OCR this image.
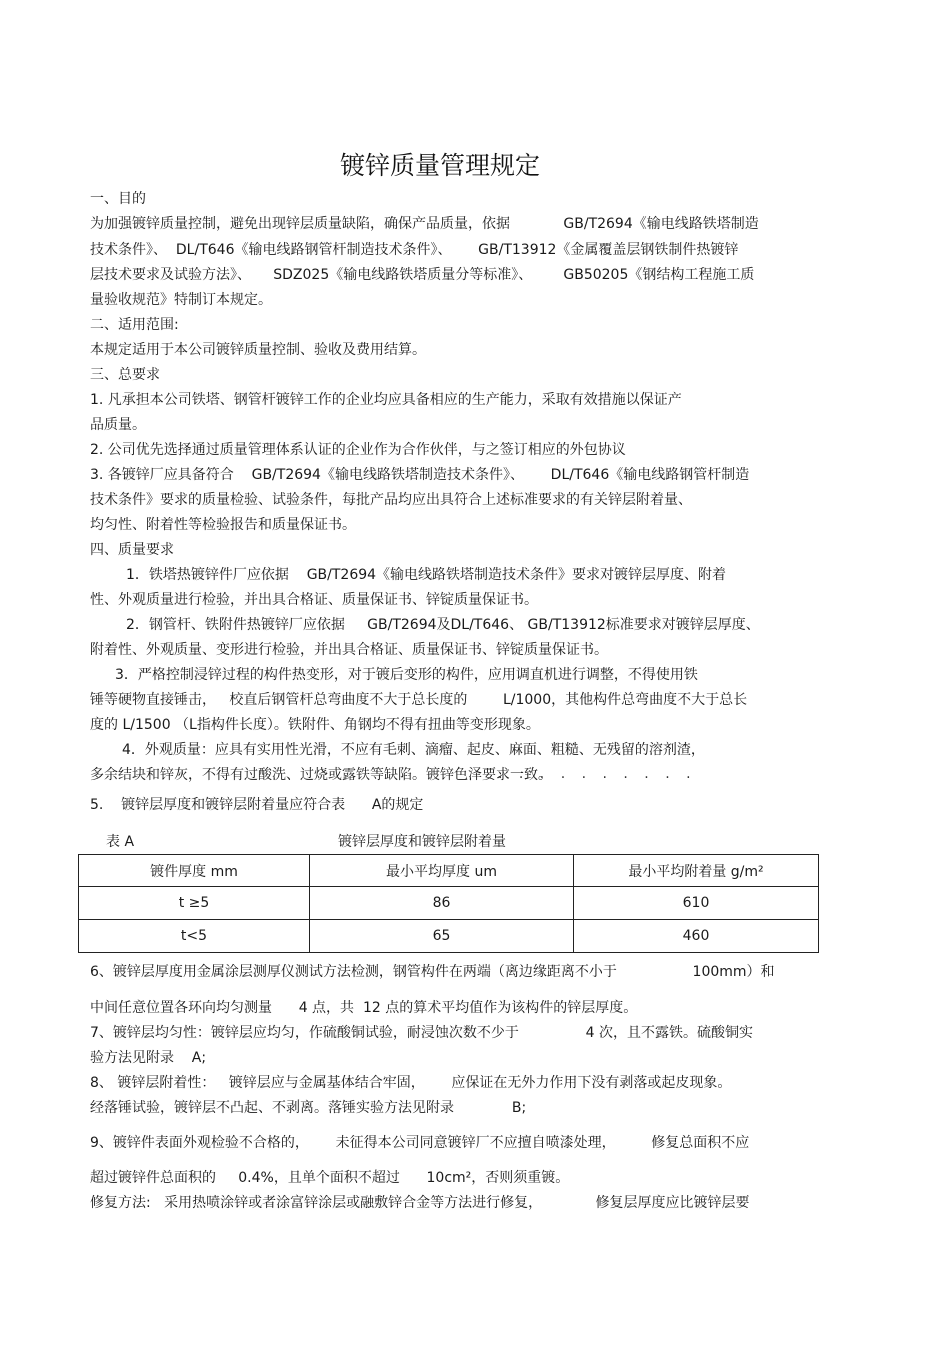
镀锌质量管理规定
一、目的
为加强镀锌质量控制，避免出现锌层质量缺陷，确保产品质量，依据            GB/T2694《输电线路铁塔制造
技术条件》、  DL/T646《输电线路钢管杆制造技术条件》、      GB/T13912《金属覆盖层钢铁制件热镀锌
层技术要求及试验方法》、     SDZ025《输电线路铁塔质量分等标准》、       GB50205《钢结构工程施工质
量验收规范》特制订本规定。
二、适用范围:
本规定适用于本公司镀锌质量控制、验收及费用结算。
三、总要求
1. 凡承担本公司铁塔、钢管杆镀锌工作的企业均应具备相应的生产能力，采取有效措施以保证产
品质量。
2. 公司优先选择通过质量管理体系认证的企业作为合作伙伴，与之签订相应的外包协议
3. 各镀锌厂应具备符合    GB/T2694《输电线路铁塔制造技术条件》、      DL/T646《输电线路钢管杆制造
技术条件》要求的质量检验、试验条件，每批产品均应出具符合上述标准要求的有关锌层附着量、
均匀性、附着性等检验报告和质量保证书。
四、质量要求
1．铁塔热镀锌件厂应依据    GB/T2694《输电线路铁塔制造技术条件》要求对镀锌层厚度、附着
性、外观质量进行检验，并出具合格证、质量保证书、锌锭质量保证书。
2．钢管杆、铁附件热镀锌厂应依据     GB/T2694及DL/T646、 GB/T13912标准要求对镀锌层厚度、
附着性、外观质量、变形进行检验，并出具合格证、质量保证书、锌锭质量保证书。
3．严格控制浸锌过程的构件热变形，对于镀后变形的构件，应用调直机进行调整，不得使用铁
锤等硬物直接锤击，   校直后钢管杆总弯曲度不大于总长度的        L/1000，其他构件总弯曲度不大于总长
度的 L/1500 （L指构件长度）。铁附件、角钢均不得有扭曲等变形现象。
4．外观质量：应具有实用性光滑，不应有毛刺、滴瘤、起皮、麻面、粗糙、无残留的溶剂渣，
多余结块和锌灰，不得有过酸洗、过烧或露铁等缺陷。镀锌色泽要求一致。
5.    镀锌层厚度和镀锌层附着量应符合表      A的规定
表 A	镀锌层厚度和镀锌层附着量
6、镀锌层厚度用金属涂层测厚仪测试方法检测，钢管构件在两端（离边缘距离不小于                 100mm）和
中间任意位置各环向均匀测量      4 点，共  12 点的算术平均值作为该构件的锌层厚度。
7、镀锌层均匀性：镀锌层应均匀，作硫酸铜试验，耐浸蚀次数不少于               4 次，且不露铁。硫酸铜实
验方法见附录    A;
8、 镀锌层附着性：   镀锌层应与金属基体结合牢固，      应保证在无外力作用下没有剥落或起皮现象。
经落锤试验，镀锌层不凸起、不剥离。落锤实验方法见附录             B;
9、镀锌件表面外观检验不合格的，      未征得本公司同意镀锌厂不应擅自喷漆处理，        修复总面积不应
超过镀锌件总面积的     0.4%，且单个面积不超过      10cm²，否则须重镀。
修复方法:   采用热喷涂锌或者涂富锌涂层或融敷锌合金等方法进行修复，            修复层厚度应比镀锌层要
· · · · · · · · · ·
镀件厚度 mm	最小平均厚度 um	最小平均附着量 g/m²
t ≥5	86	610
t<5	65	460
